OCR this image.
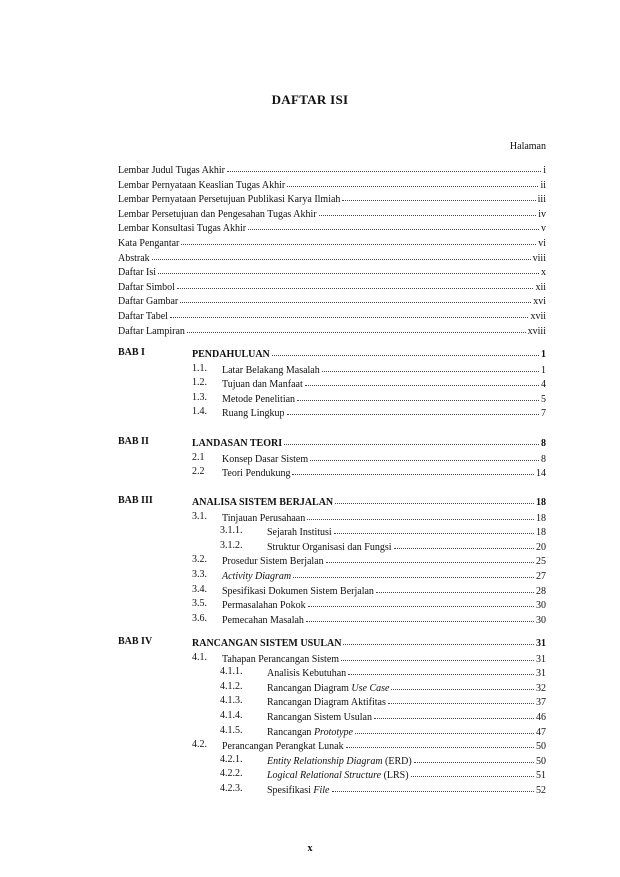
DAFTAR ISI
Halaman
Lembar Judul Tugas Akhir	i
Lembar Pernyataan Keaslian Tugas Akhir	ii
Lembar Pernyataan Persetujuan Publikasi Karya Ilmiah	iii
Lembar Persetujuan dan Pengesahan Tugas Akhir	iv
Lembar Konsultasi Tugas Akhir	v
Kata Pengantar	vi
Abstrak	viii
Daftar Isi	x
Daftar Simbol	xii
Daftar Gambar	xvi
Daftar Tabel	xvii
Daftar Lampiran	xviii
BAB I	PENDAHULUAN	1
1.1. Latar Belakang Masalah	1
1.2. Tujuan dan Manfaat	4
1.3. Metode Penelitian	5
1.4. Ruang Lingkup	7
BAB II	LANDASAN TEORI	8
2.1 Konsep Dasar Sistem	8
2.2 Teori Pendukung	14
BAB III	ANALISA SISTEM BERJALAN	18
3.1. Tinjauan Perusahaan	18
3.1.1. Sejarah Institusi	18
3.1.2. Struktur Organisasi dan Fungsi	20
3.2. Prosedur Sistem Berjalan	25
3.3. Activity Diagram	27
3.4. Spesifikasi Dokumen Sistem Berjalan	28
3.5. Permasalahan Pokok	30
3.6. Pemecahan Masalah	30
BAB IV	RANCANGAN SISTEM USULAN	31
4.1. Tahapan Perancangan Sistem	31
4.1.1. Analisis Kebutuhan	31
4.1.2. Rancangan Diagram Use Case	32
4.1.3. Rancangan Diagram Aktifitas	37
4.1.4. Rancangan Sistem Usulan	46
4.1.5. Rancangan Prototype	47
4.2. Perancangan Perangkat Lunak	50
4.2.1. Entity Relationship Diagram (ERD)	50
4.2.2. Logical Relational Structure (LRS)	51
4.2.3. Spesifikasi File	52
x
